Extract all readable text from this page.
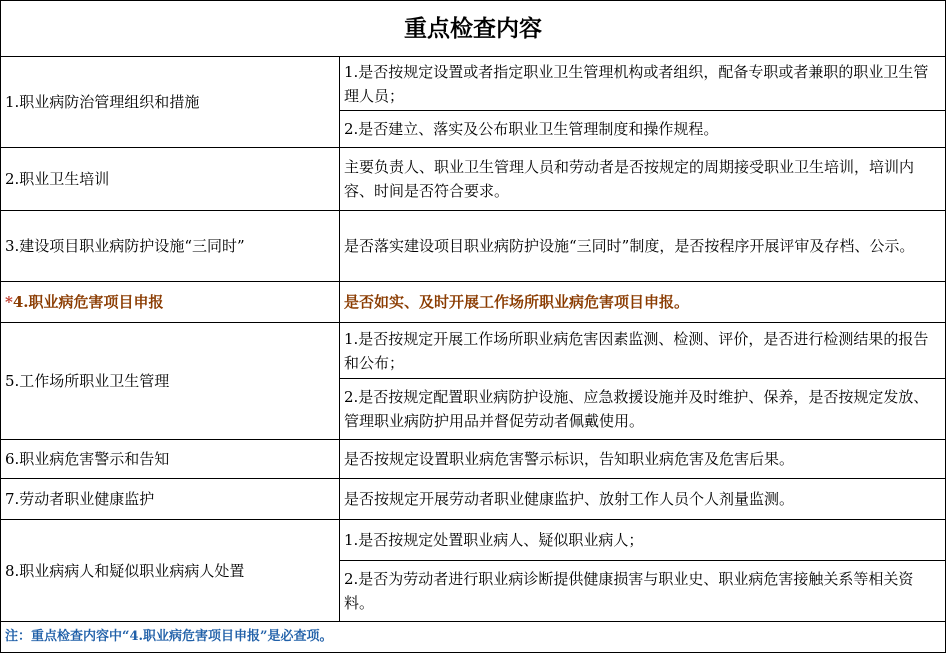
重点检查内容	
1.职业病防治管理组织和措施	1.是否按规定设置或者指定职业卫生管理机构或者组织，配备专职或者兼职的职业卫生管理人员；
	2.是否建立、落实及公布职业卫生管理制度和操作规程。
2.职业卫生培训	主要负责人、职业卫生管理人员和劳动者是否按规定的周期接受职业卫生培训，培训内容、时间是否符合要求。
3.建设项目职业病防护设施“三同时”	是否落实建设项目职业病防护设施“三同时”制度，是否按程序开展评审及存档、公示。
*4.职业病危害项目申报	是否如实、及时开展工作场所职业病危害项目申报。
5.工作场所职业卫生管理	1.是否按规定开展工作场所职业病危害因素监测、检测、评价，是否进行检测结果的报告和公布；
	2.是否按规定配置职业病防护设施、应急救援设施并及时维护、保养，是否按规定发放、管理职业病防护用品并督促劳动者佩戴使用。
6.职业病危害警示和告知	是否按规定设置职业病危害警示标识，告知职业病危害及危害后果。
7.劳动者职业健康监护	是否按规定开展劳动者职业健康监护、放射工作人员个人剂量监测。
8.职业病病人和疑似职业病病人处置	1.是否按规定处置职业病人、疑似职业病人；
	2.是否为劳动者进行职业病诊断提供健康损害与职业史、职业病危害接触关系等相关资料。
注：重点检查内容中“4.职业病危害项目申报”是必查项。	
